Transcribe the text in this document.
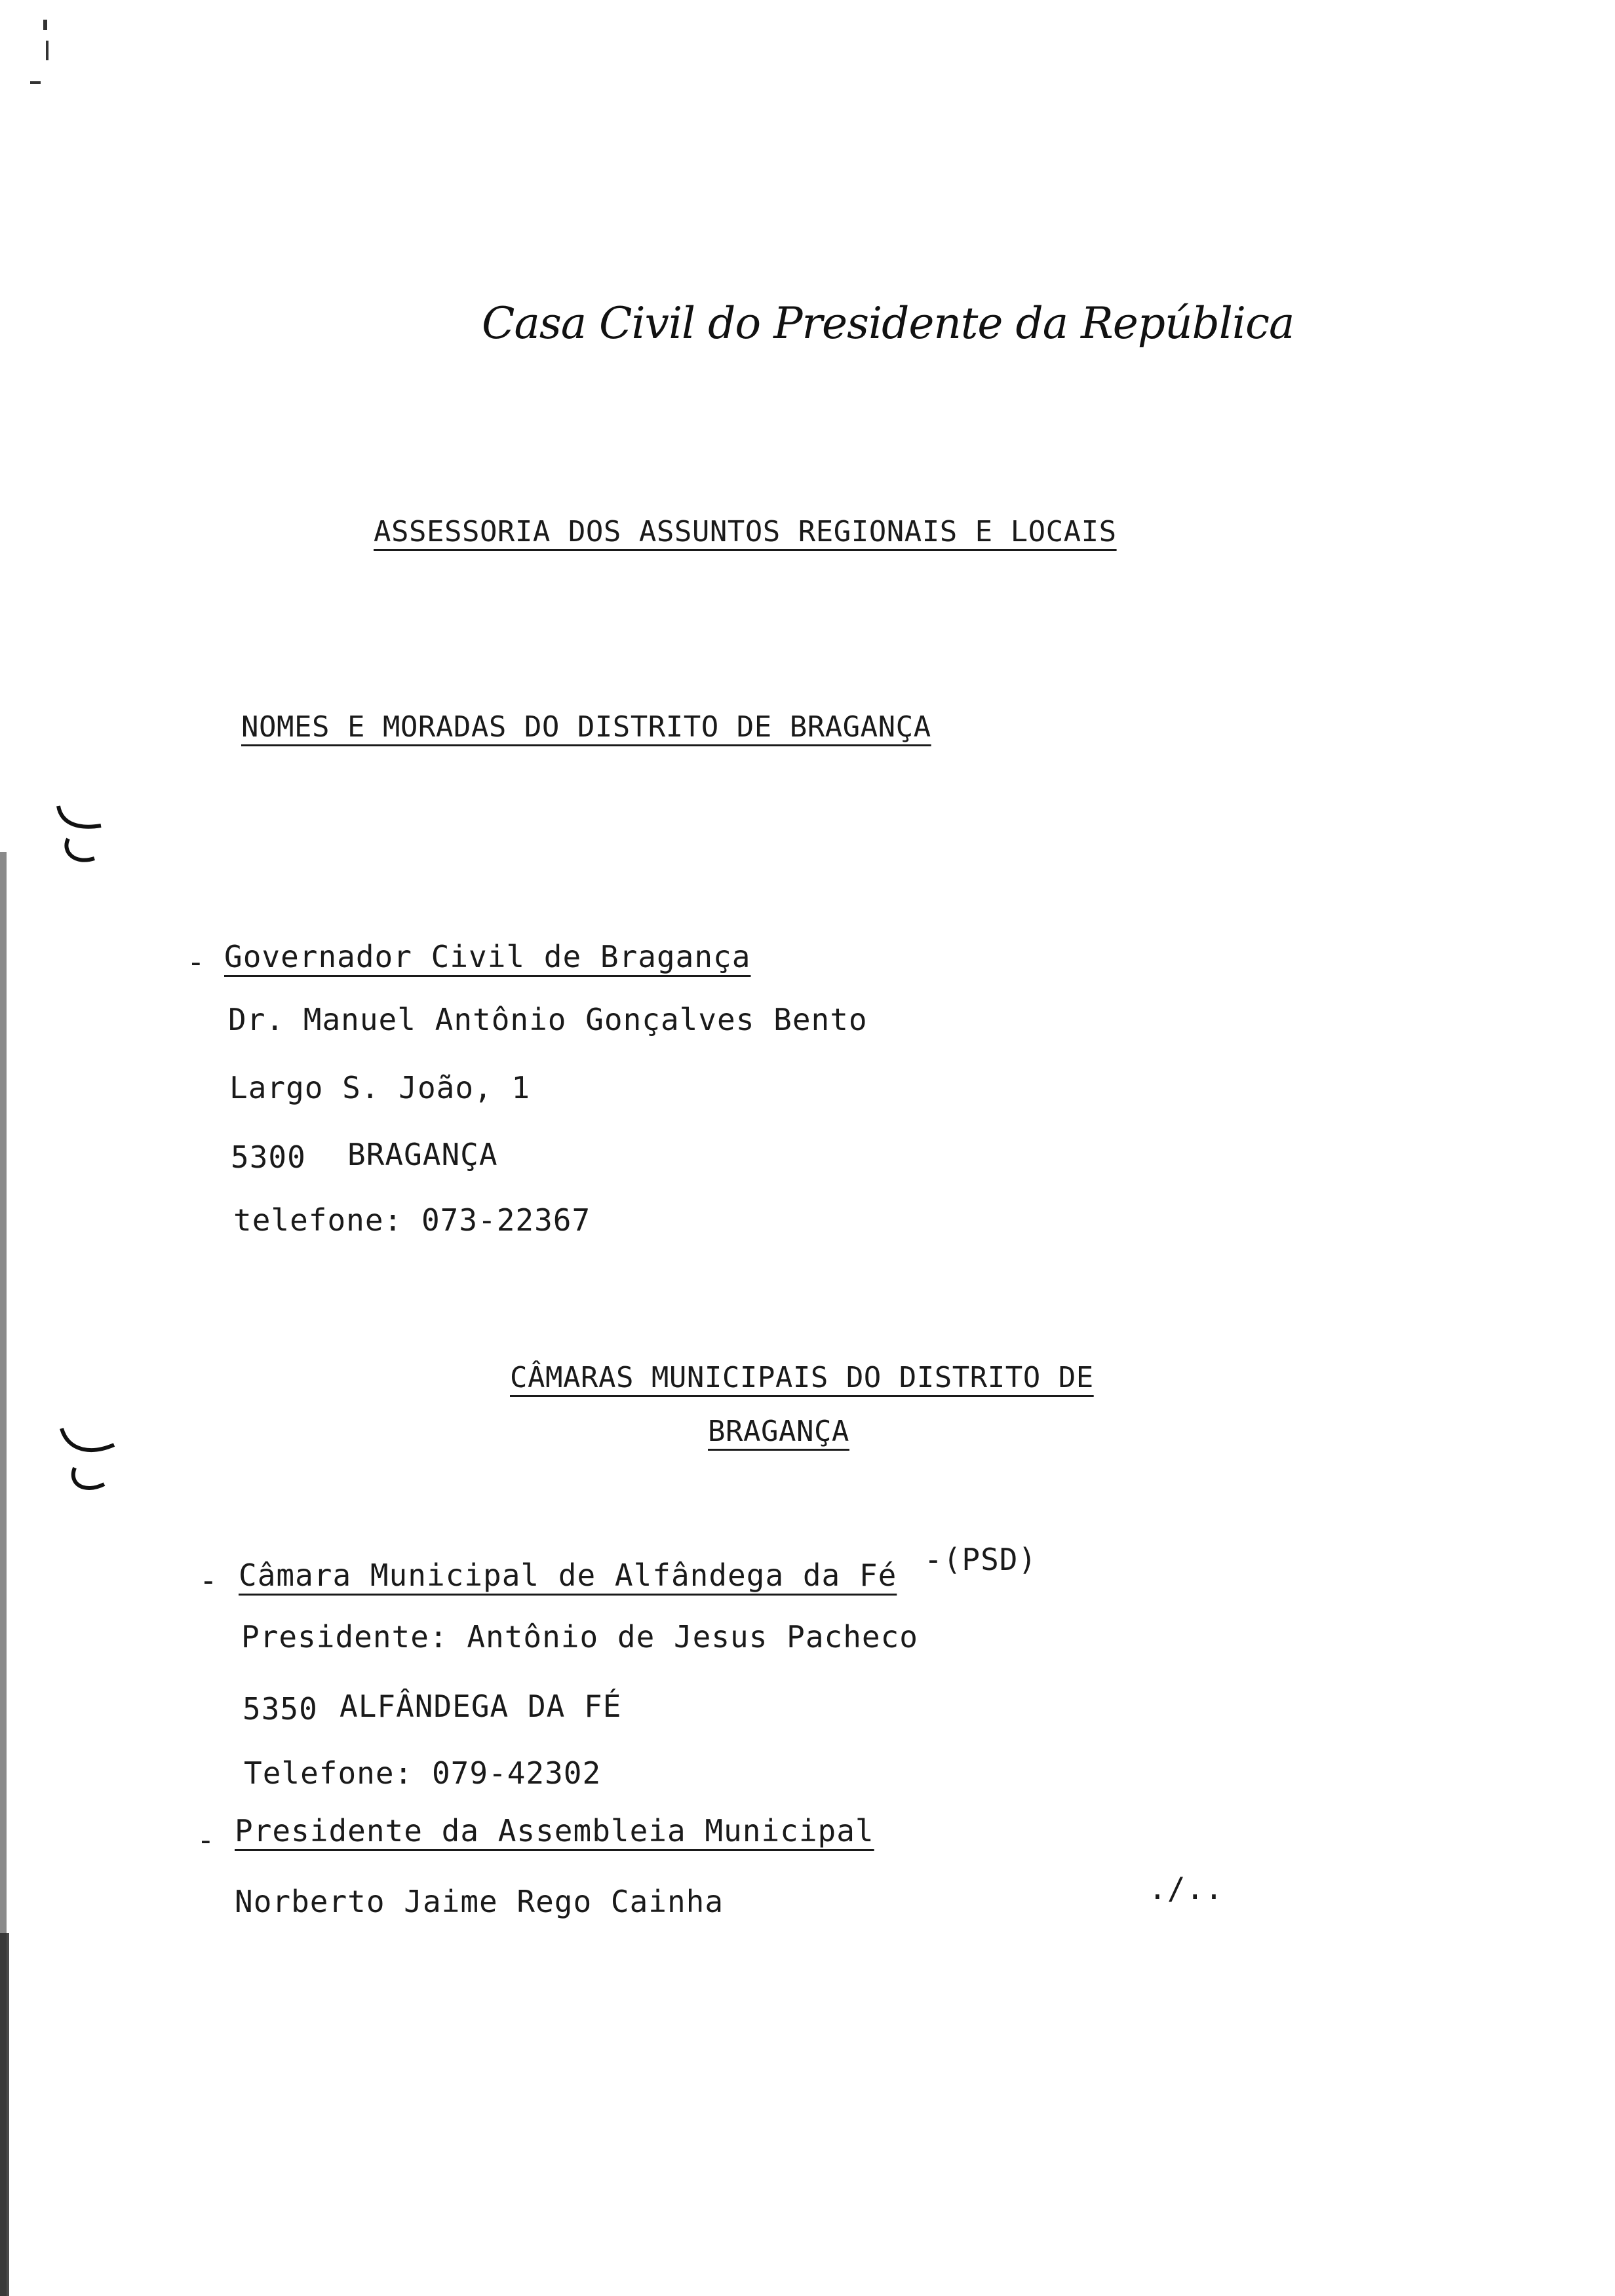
Casa Civil do Presidente da República
ASSESSORIA DOS ASSUNTOS REGIONAIS E LOCAIS
NOMES E MORADAS DO DISTRITO DE BRAGANÇA
- Governador Civil de Bragança
Dr. Manuel Antônio Gonçalves Bento
Largo S. João, 1
5300 BRAGANÇA
telefone: 073-22367
CÂMARAS MUNICIPAIS DO DISTRITO DE
BRAGANÇA
- Câmara Municipal de Alfândega da Fé -(PSD)
Presidente: Antônio de Jesus Pacheco
5350 ALFÂNDEGA DA FÉ
Telefone: 079-42302
- Presidente da Assembleia Municipal
Norberto Jaime Rego Cainha	./..
